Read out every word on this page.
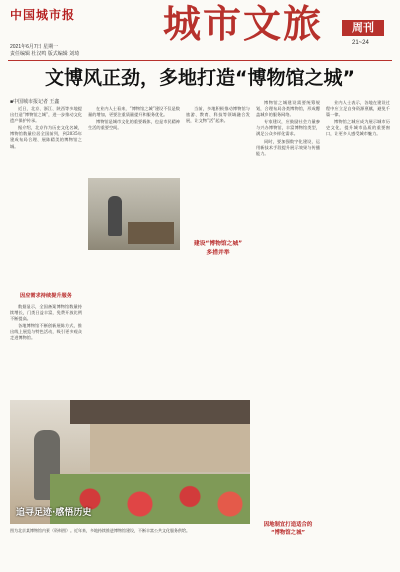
中国城市报
2021年6月7日 星期一
责任编辑 杜汉鸣 版式编辑 刘琦
城市文旅	周刊
21~24
文博风正劲，多地打造“博物馆之城”
■中国城市报记者 王鑫

近日，北京、浙江、陕西等多地提出打造“博物馆之城”，进一步推动文化遗产保护传承。

据介绍，北京作为历史文化名城，博物馆数量位居全国前列，到2035年建成布局合理、展陈精美的博物馆之城。

因应需求持续提升服务

数据显示，全国备案博物馆数量持续增长，门类日益丰富，免费开放比例不断提高。

各地博物馆不断创新展陈方式，推出线上展览与特色活动，吸引更多观众走进博物馆。

在业内人士看来，“博物馆之城”建设不仅是数量的增加，更要注重质量提升和服务优化。

博物馆是城市文化的重要载体，也是市民精神生活的重要空间。

当前，多地积极推动博物馆与旅游、教育、科技等领域融合发展，让文物“活”起来。

建设“博物馆之城”
多措并举

博物馆之城建设需要统筹规划，合理布局各类博物馆，形成覆盖城乡的服务网络。

专家建议，应鼓励社会力量参与兴办博物馆，丰富博物馆类型，满足公众多样化需求。

同时，要加强数字化建设，运用新技术手段提升展示效果与传播能力。

因地制宜打造适合的
“博物馆之城”

业内人士表示，各地在建设过程中应立足自身资源禀赋，避免千篇一律。

博物馆之城应成为展示城市历史文化、提升城市品质的重要窗口，让更多人感受城市魅力。

追寻足迹·感悟历史
图为北京某博物馆内景（资料图）。近年来，多地持续推进博物馆建设，不断丰富公共文化服务供给。
